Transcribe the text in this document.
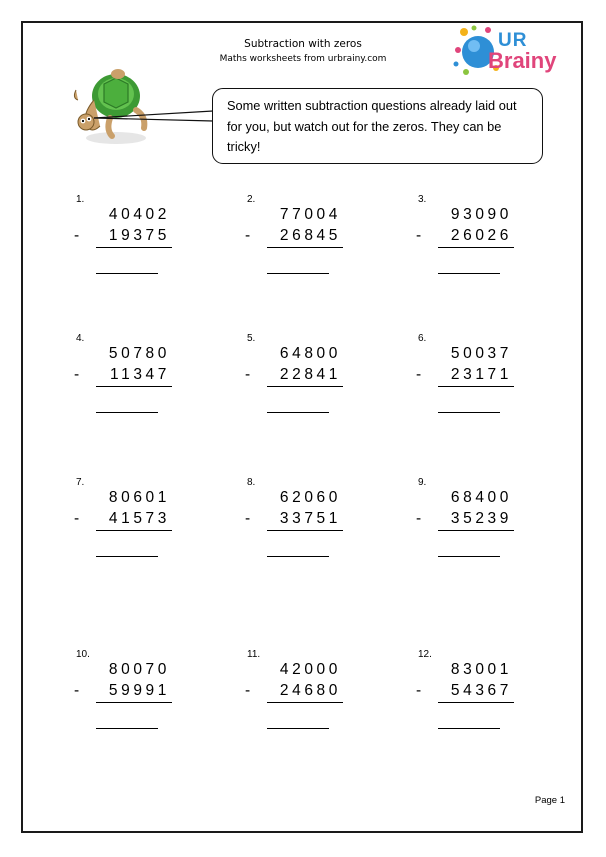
Subtraction with zeros
Maths worksheets from urbrainy.com
UR
Brainy
Some written subtraction questions already laid out for you, but watch out for the zeros. They can be tricky!
1.
40402
-	19375
2.
77004
-	26845
3.
93090
-	26026
4.
50780
-	11347
5.
64800
-	22841
6.
50037
-	23171
7.
80601
-	41573
8.
62060
-	33751
9.
68400
-	35239
10.
80070
-	59991
11.
42000
-	24680
12.
83001
-	54367
Page 1
